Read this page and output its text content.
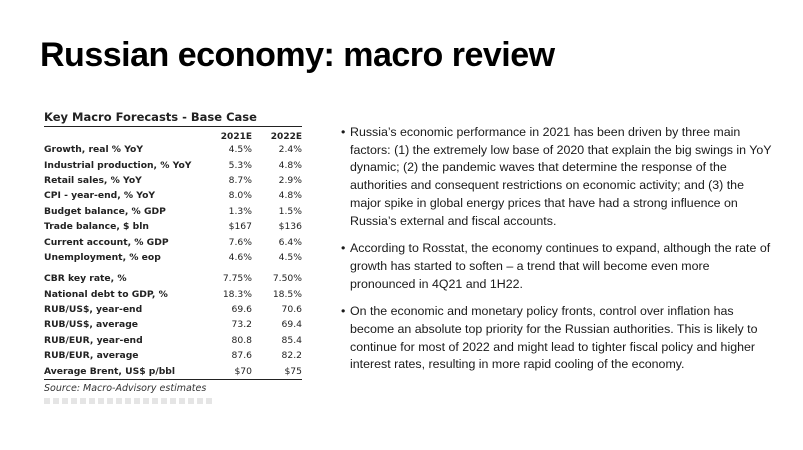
Russian economy: macro review
Key Macro Forecasts - Base Case
2021E	2022E
Growth, real % YoY	4.5%	2.4%
Industrial production, % YoY	5.3%	4.8%
Retail sales, % YoY	8.7%	2.9%
CPI - year-end, % YoY	8.0%	4.8%
Budget balance, % GDP	1.3%	1.5%
Trade balance, $ bln	$167	$136
Current account, % GDP	7.6%	6.4%
Unemployment, % eop	4.6%	4.5%
CBR key rate, %	7.75%	7.50%
National debt to GDP, %	18.3%	18.5%
RUB/US$, year-end	69.6	70.6
RUB/US$, average	73.2	69.4
RUB/EUR, year-end	80.8	85.4
RUB/EUR, average	87.6	82.2
Average Brent, US$ p/bbl	$70	$75
Source: Macro-Advisory estimates
• Russia’s economic performance in 2021 has been driven by three main factors: (1) the extremely low base of 2020 that explain the big swings in YoY dynamic; (2) the pandemic waves that determine the response of the authorities and consequent restrictions on economic activity; and (3) the major spike in global energy prices that have had a strong influence on Russia’s external and fiscal accounts.
• According to Rosstat, the economy continues to expand, although the rate of growth has started to soften – a trend that will become even more pronounced in 4Q21 and 1H22.
• On the economic and monetary policy fronts, control over inflation has become an absolute top priority for the Russian authorities. This is likely to continue for most of 2022 and might lead to tighter fiscal policy and higher interest rates, resulting in more rapid cooling of the economy.
